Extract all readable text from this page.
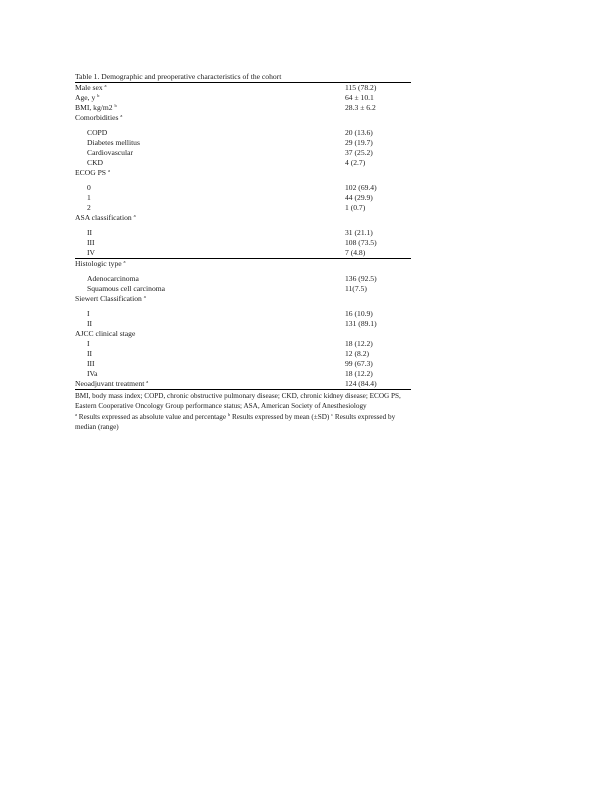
Table 1. Demographic and preoperative characteristics of the cohort
Male sex $^a$	115 (78.2)
Age, y $^b$	64 ± 10.1
BMI, kg/m2 $^b$	28.3 ± 6.2
Comorbidities $^a$
COPD	20 (13.6)
Diabetes mellitus	29 (19.7)
Cardiovascular	37 (25.2)
CKD	4 (2.7)
ECOG PS $^a$
0	102 (69.4)
1	44 (29.9)
2	1 (0.7)
ASA classification $^a$
II	31 (21.1)
III	108 (73.5)
IV	7 (4.8)
Histologic type $^a$
Adenocarcinoma	136 (92.5)
Squamous cell carcinoma	11(7.5)
Siewert Classification $^a$
I	16 (10.9)
II	131 (89.1)
AJCC clinical stage
I	18 (12.2)
II	12 (8.2)
III	99 (67.3)
IVa	18 (12.2)
Neoadjuvant treatment $^a$	124 (84.4)
BMI, body mass index; COPD, chronic obstructive pulmonary disease; CKD, chronic kidney disease; ECOG PS, Eastern Cooperative Oncology Group performance status; ASA, American Society of Anesthesiology
$^a$ Results expressed as absolute value and percentage $^b$ Results expressed by mean (±SD) $^c$ Results expressed by median (range)
